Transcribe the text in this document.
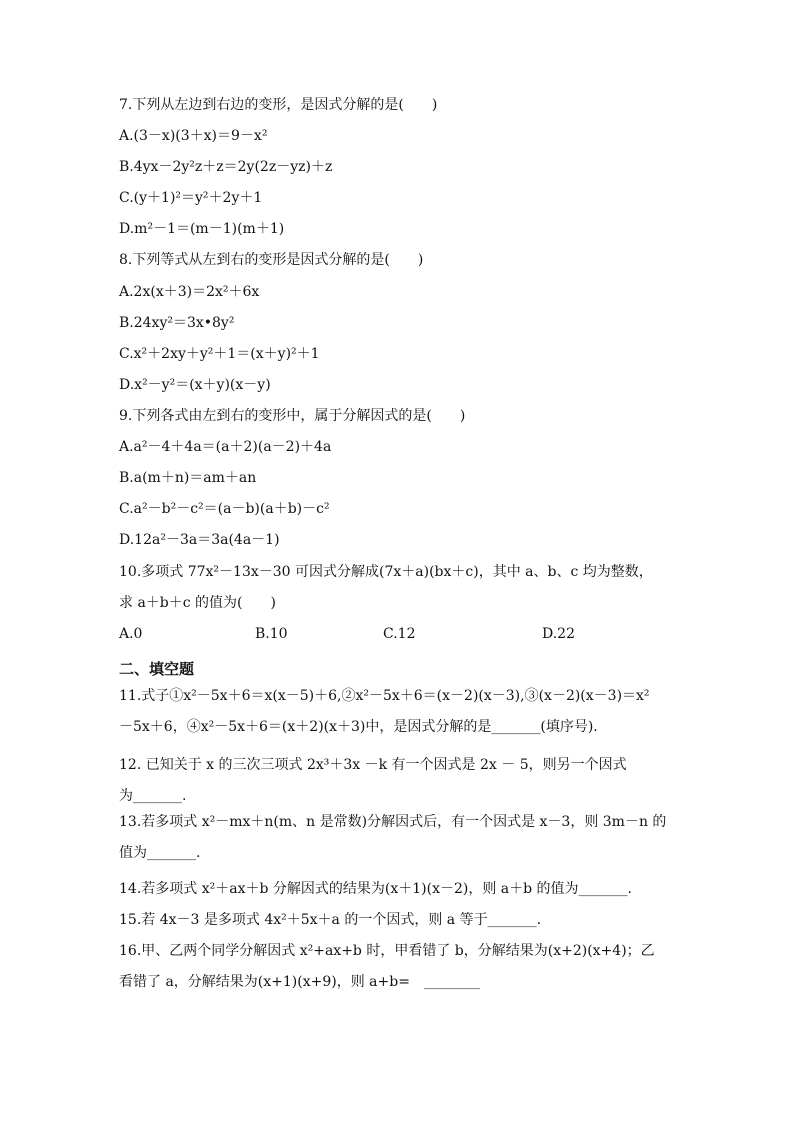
7.下列从左边到右边的变形，是因式分解的是(　　)
A.(3－x)(3＋x)＝9－x²
B.4yx－2y²z＋z＝2y(2z－yz)＋z
C.(y＋1)²＝y²＋2y＋1
D.m²－1＝(m－1)(m＋1)
8.下列等式从左到右的变形是因式分解的是(　　)
A.2x(x＋3)＝2x²＋6x
B.24xy²＝3x•8y²
C.x²＋2xy＋y²＋1＝(x＋y)²＋1
D.x²－y²＝(x＋y)(x－y)
9.下列各式由左到右的变形中，属于分解因式的是(　　)
A.a²－4＋4a＝(a＋2)(a－2)＋4a
B.a(m＋n)＝am＋an
C.a²－b²－c²＝(a－b)(a＋b)－c²
D.12a²－3a＝3a(4a－1)
10.多项式 77x²－13x－30 可因式分解成(7x＋a)(bx＋c)，其中 a、b、c 均为整数，
求 a＋b＋c 的值为(　　)
A.0	B.10	C.12	D.22
二、填空题
11.式子①x²－5x＋6＝x(x－5)＋6,②x²－5x＋6＝(x－2)(x－3),③(x－2)(x－3)＝x²
－5x＋6，④x²－5x＋6＝(x＋2)(x＋3)中，是因式分解的是_______(填序号).
12. 已知关于 x 的三次三项式 2x³＋3x －k 有一个因式是 2x － 5，则另一个因式
为_______.
13.若多项式 x²－mx＋n(m、n 是常数)分解因式后，有一个因式是 x－3，则 3m－n 的
值为_______.
14.若多项式 x²＋ax＋b 分解因式的结果为(x＋1)(x－2)，则 a＋b 的值为_______.
15.若 4x－3 是多项式 4x²＋5x＋a 的一个因式，则 a 等于_______.
16.甲、乙两个同学分解因式 x²+ax+b 时，甲看错了 b，分解结果为(x+2)(x+4)；乙
看错了 a，分解结果为(x+1)(x+9)，则 a+b=　________
